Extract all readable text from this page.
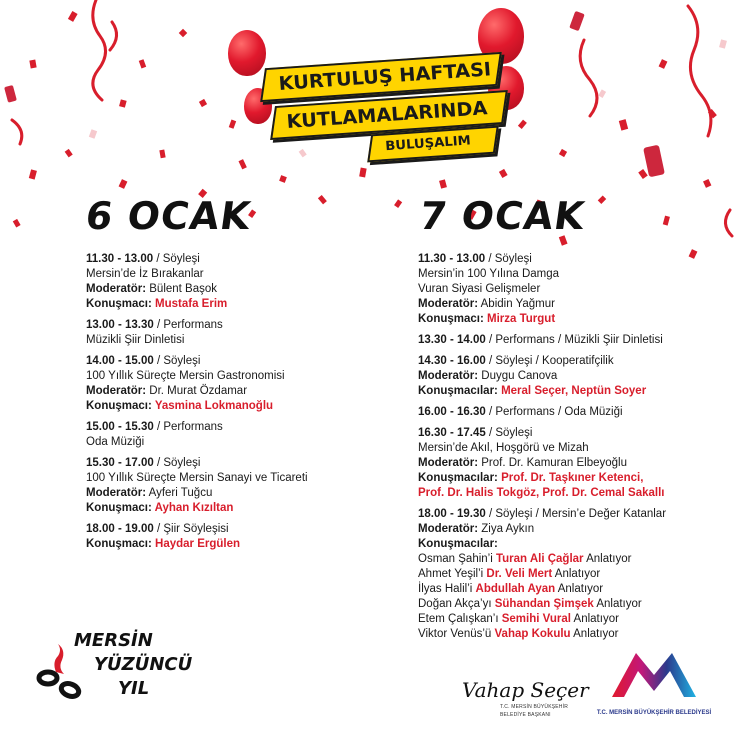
KURTULUŞ HAFTASI
KUTLAMALARINDA
BULUŞALIM
6 OCAK	7 OCAK
11.30 - 13.00 / Söyleşi
Mersin’de İz Bırakanlar
Moderatör: Bülent Başok
Konuşmacı: Mustafa Erim
13.00 - 13.30 / Performans
Müzikli Şiir Dinletisi
14.00 - 15.00 / Söyleşi
100 Yıllık Süreçte Mersin Gastronomisi
Moderatör: Dr. Murat Özdamar
Konuşmacı: Yasmina Lokmanoğlu
15.00 - 15.30 / Performans
Oda Müziği
15.30 - 17.00 / Söyleşi
100 Yıllık Süreçte Mersin Sanayi ve Ticareti
Moderatör: Ayferi Tuğcu
Konuşmacı: Ayhan Kızıltan
18.00 - 19.00 / Şiir Söyleşisi
Konuşmacı: Haydar Ergülen
11.30 - 13.00 / Söyleşi
Mersin’in 100 Yılına Damga
Vuran Siyasi Gelişmeler
Moderatör: Abidin Yağmur
Konuşmacı: Mirza Turgut
13.30 - 14.00 / Performans / Müzikli Şiir Dinletisi
14.30 - 16.00 / Söyleşi / Kooperatifçilik
Moderatör: Duygu Canova
Konuşmacılar: Meral Seçer, Neptün Soyer
16.00 - 16.30 / Performans / Oda Müziği
16.30 - 17.45 / Söyleşi
Mersin’de Akıl, Hoşgörü ve Mizah
Moderatör: Prof. Dr. Kamuran Elbeyoğlu
Konuşmacılar: Prof. Dr. Taşkıner Ketenci,
Prof. Dr. Halis Tokgöz, Prof. Dr. Cemal Sakallı
18.00 - 19.30 / Söyleşi / Mersin’e Değer Katanlar
Moderatör: Ziya Aykın
Konuşmacılar:
Osman Şahin’i Turan Ali Çağlar Anlatıyor
Ahmet Yeşil’i Dr. Veli Mert Anlatıyor
İlyas Halil’i Abdullah Ayan Anlatıyor
Doğan Akça’yı Sühandan Şimşek Anlatıyor
Etem Çalışkan’ı Semihi Vural Anlatıyor
Viktor Venüs’ü Vahap Kokulu Anlatıyor
MERSİN
YÜZÜNCÜ
YIL	Vahap Seçer
T.C. MERSİN BÜYÜKŞEHİR
BELEDİYE BAŞKANI	T.C. MERSİN BÜYÜKŞEHİR BELEDİYESİ
